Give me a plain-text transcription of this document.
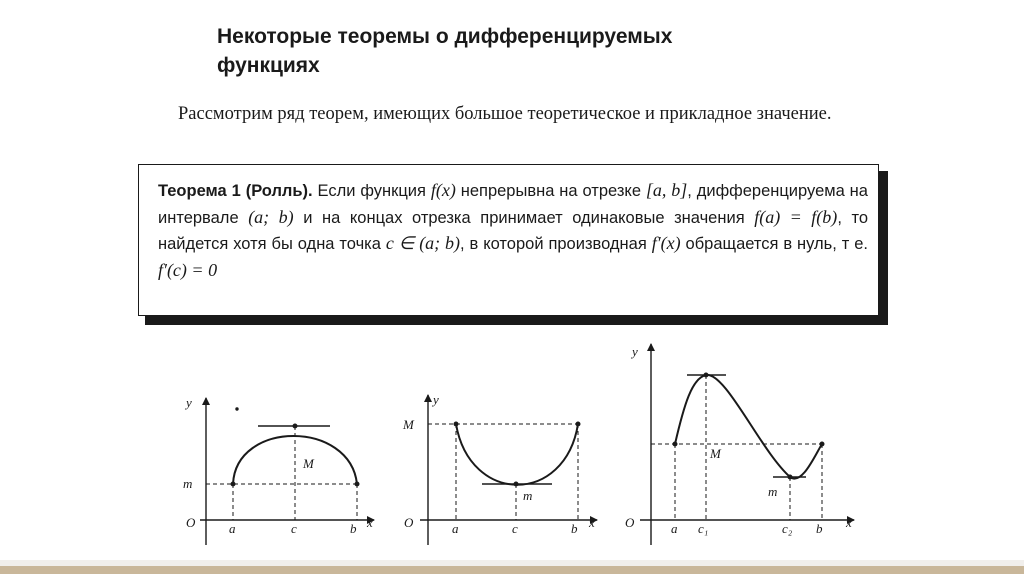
Некоторые теоремы о дифференцируемых
функциях
Рассмотрим ряд теорем, имеющих большое теоретическое и прикладное значение.
Теорема 1 (Ролль). Если функция f(x) непрерывна на отрезке [a, b], дифференцируема на интервале (a; b) и на концах отрезка принимает одинаковые значения f(a) = f(b), то найдется хотя бы одна точка c ∈ (a; b), в которой производная f′(x) обращается в нуль, т е. f′(c) = 0
y
m
M
O	a	c	b x
y
M
m
O	a	c	b x
y
M
m
O	a c₁	c₂ b x
